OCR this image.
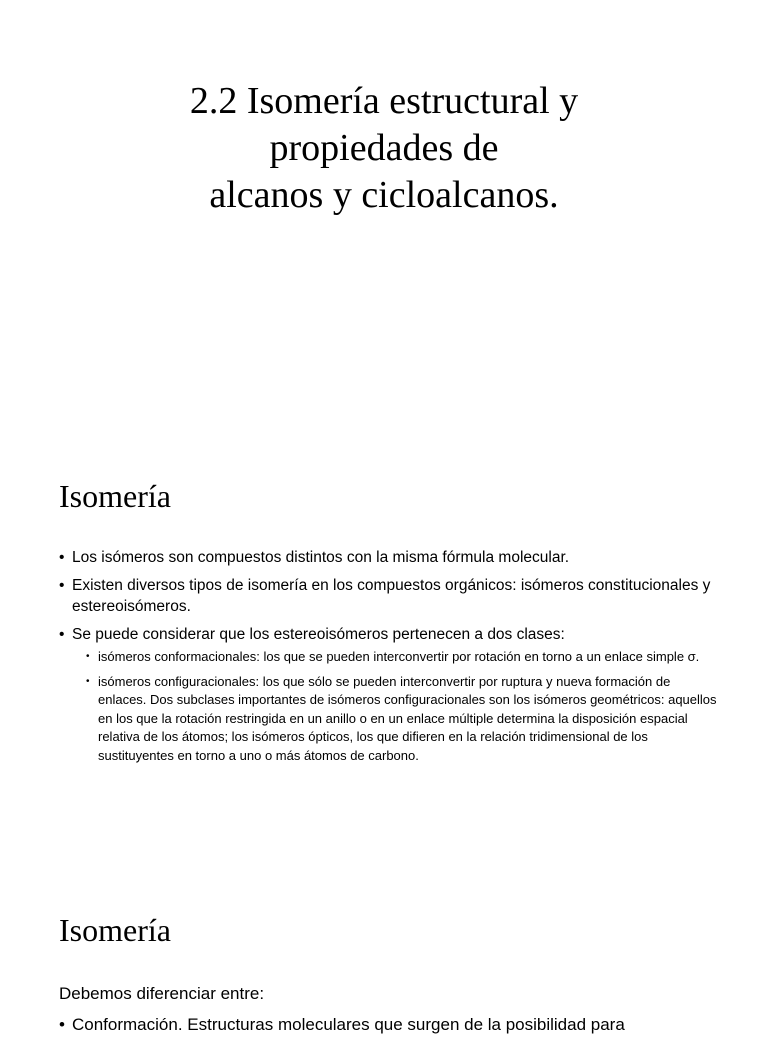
2.2 Isomería estructural y
propiedades de
alcanos y cicloalcanos.
Isomería
• Los isómeros son compuestos distintos con la misma fórmula molecular.
• Existen diversos tipos de isomería en los compuestos orgánicos: isómeros constitucionales y estereoisómeros.
• Se puede considerar que los estereoisómeros pertenecen a dos clases:
• isómeros conformacionales: los que se pueden interconvertir por rotación en torno a un enlace simple σ.
• isómeros configuracionales: los que sólo se pueden interconvertir por ruptura y nueva formación de enlaces. Dos subclases importantes de isómeros configuracionales son los isómeros geométricos: aquellos en los que la rotación restringida en un anillo o en un enlace múltiple determina la disposición espacial relativa de los átomos; los isómeros ópticos, los que difieren en la relación tridimensional de los sustituyentes en torno a uno o más átomos de carbono.
Isomería

Debemos diferenciar entre:

• Conformación. Estructuras moleculares que surgen de la posibilidad para
